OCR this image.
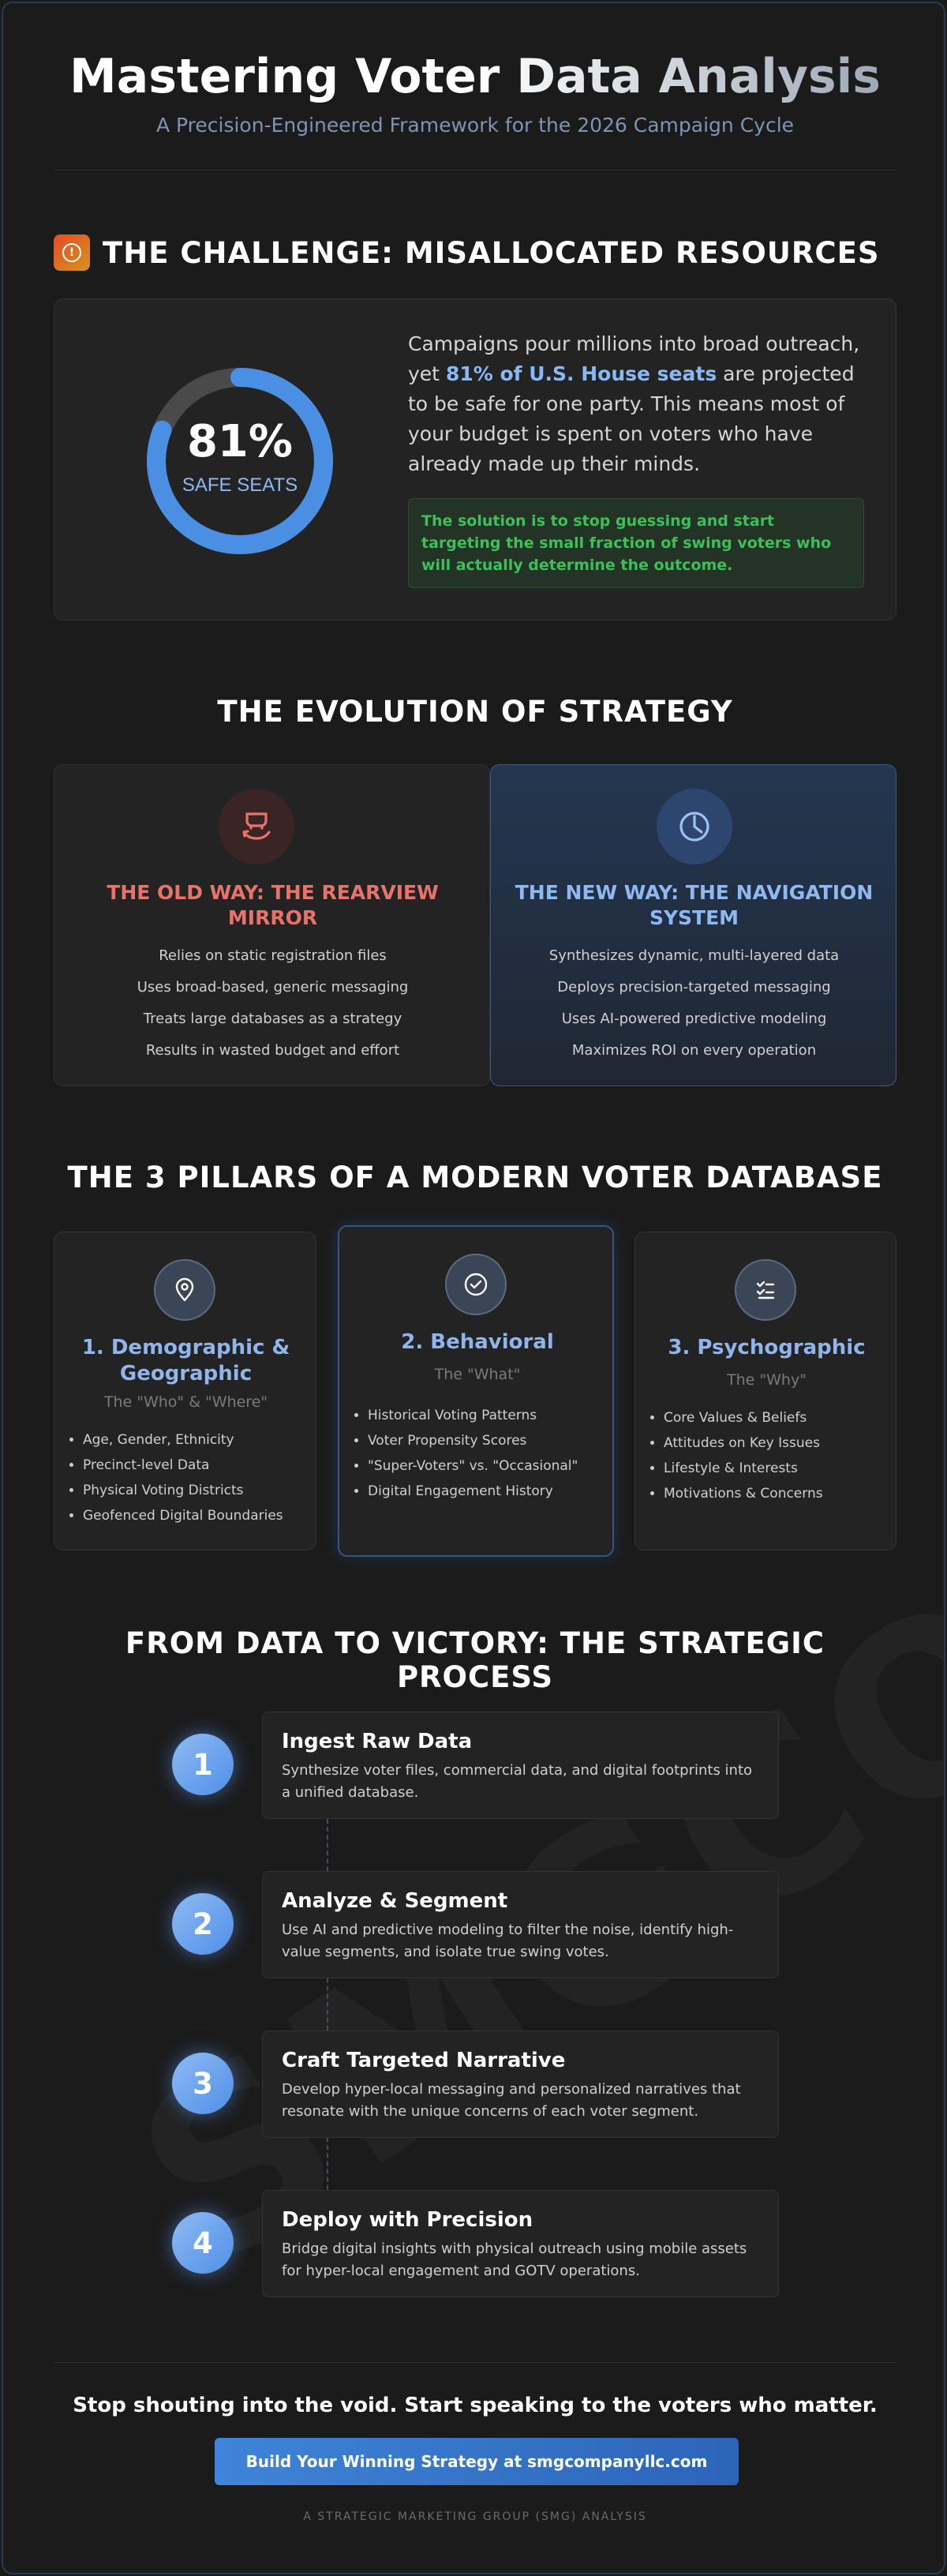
Mastering Voter Data Analysis
A Precision-Engineered Framework for the 2026 Campaign Cycle
! THE CHALLENGE: MISALLOCATED RESOURCES
81%
SAFE SEATS
Campaigns pour millions into broad outreach, yet 81% of U.S. House seats are projected to be safe for one party. This means most of your budget is spent on voters who have already made up their minds.
The solution is to stop guessing and start targeting the small fraction of swing voters who will actually determine the outcome.
THE EVOLUTION OF STRATEGY
THE OLD WAY: THE REARVIEW MIRROR
Relies on static registration files
Uses broad-based, generic messaging
Treats large databases as a strategy
Results in wasted budget and effort
THE NEW WAY: THE NAVIGATION SYSTEM
Synthesizes dynamic, multi-layered data
Deploys precision-targeted messaging
Uses AI-powered predictive modeling
Maximizes ROI on every operation
THE 3 PILLARS OF A MODERN VOTER DATABASE
1. Demographic & Geographic
The "Who" & "Where"
• Age, Gender, Ethnicity
• Precinct-level Data
• Physical Voting Districts
• Geofenced Digital Boundaries
2. Behavioral
The "What"
• Historical Voting Patterns
• Voter Propensity Scores
• "Super-Voters" vs. "Occasional"
• Digital Engagement History
3. Psychographic
The "Why"
• Core Values & Beliefs
• Attitudes on Key Issues
• Lifestyle & Interests
• Motivations & Concerns
FROM DATA TO VICTORY: THE STRATEGIC PROCESS
1
Ingest Raw Data
Synthesize voter files, commercial data, and digital footprints into a unified database.
2
Analyze & Segment
Use AI and predictive modeling to filter the noise, identify high-value segments, and isolate true swing votes.
3
Craft Targeted Narrative
Develop hyper-local messaging and personalized narratives that resonate with the unique concerns of each voter segment.
4
Deploy with Precision
Bridge digital insights with physical outreach using mobile assets for hyper-local engagement and GOTV operations.
Stop shouting into the void. Start speaking to the voters who matter.
Build Your Winning Strategy at smgcompanyllc.com
A STRATEGIC MARKETING GROUP (SMG) ANALYSIS
